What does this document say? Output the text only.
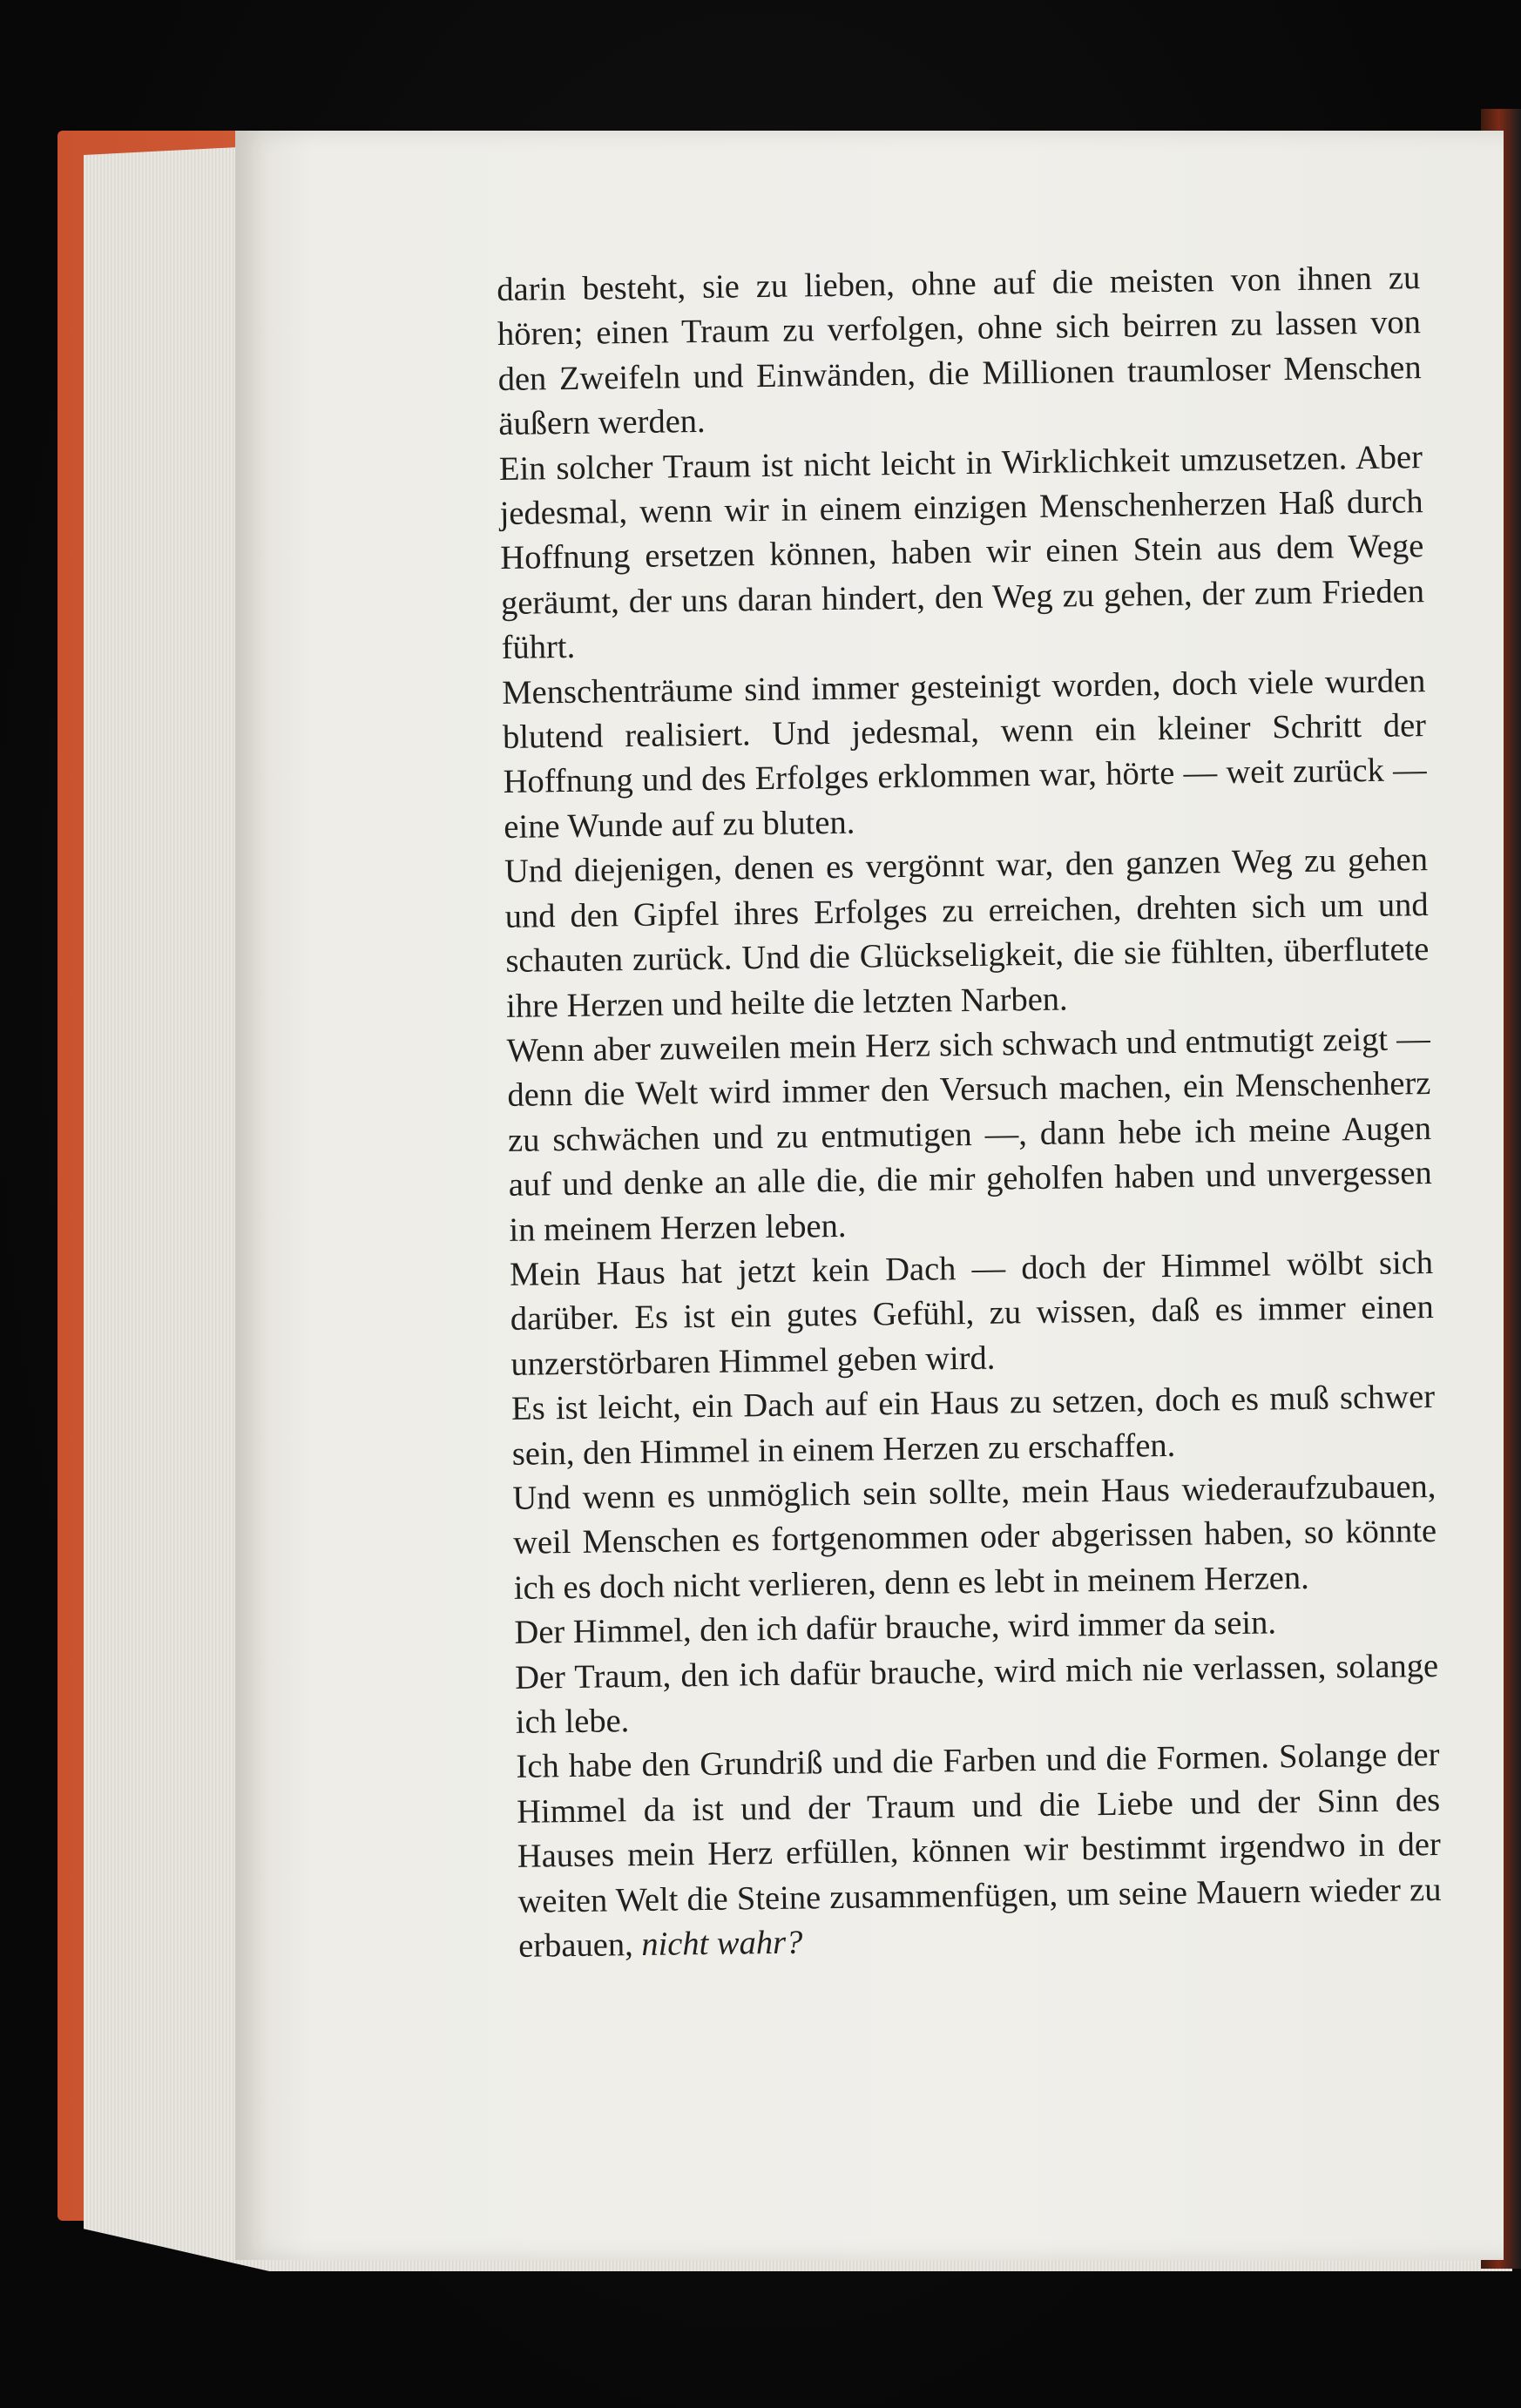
darin besteht, sie zu lieben, ohne auf die meisten von ihnen zu hören; einen Traum zu verfolgen, ohne sich beirren zu lassen von den Zweifeln und Einwänden, die Millionen traumloser Menschen äußern werden.

Ein solcher Traum ist nicht leicht in Wirklichkeit umzusetzen. Aber jedesmal, wenn wir in einem einzigen Menschenherzen Haß durch Hoffnung ersetzen können, haben wir einen Stein aus dem Wege geräumt, der uns daran hindert, den Weg zu gehen, der zum Frieden führt.

Menschenträume sind immer gesteinigt worden, doch viele wurden blutend realisiert. Und jedesmal, wenn ein kleiner Schritt der Hoffnung und des Erfolges erklommen war, hörte — weit zurück — eine Wunde auf zu bluten.

Und diejenigen, denen es vergönnt war, den ganzen Weg zu gehen und den Gipfel ihres Erfolges zu erreichen, drehten sich um und schauten zurück. Und die Glückseligkeit, die sie fühlten, überflutete ihre Herzen und heilte die letzten Narben.

Wenn aber zuweilen mein Herz sich schwach und entmutigt zeigt — denn die Welt wird immer den Versuch machen, ein Menschenherz zu schwächen und zu entmutigen —, dann hebe ich meine Augen auf und denke an alle die, die mir geholfen haben und unvergessen in meinem Herzen leben.

Mein Haus hat jetzt kein Dach — doch der Himmel wölbt sich darüber. Es ist ein gutes Gefühl, zu wissen, daß es immer einen unzerstörbaren Himmel geben wird.

Es ist leicht, ein Dach auf ein Haus zu setzen, doch es muß schwer sein, den Himmel in einem Herzen zu erschaffen.

Und wenn es unmöglich sein sollte, mein Haus wiederaufzubauen, weil Menschen es fortgenommen oder abgerissen haben, so könnte ich es doch nicht verlieren, denn es lebt in meinem Herzen.

Der Himmel, den ich dafür brauche, wird immer da sein.

Der Traum, den ich dafür brauche, wird mich nie verlassen, solange ich lebe.

Ich habe den Grundriß und die Farben und die Formen. Solange der Himmel da ist und der Traum und die Liebe und der Sinn des Hauses mein Herz erfüllen, können wir bestimmt irgendwo in der weiten Welt die Steine zusammenfügen, um seine Mauern wieder zu erbauen, nicht wahr?
